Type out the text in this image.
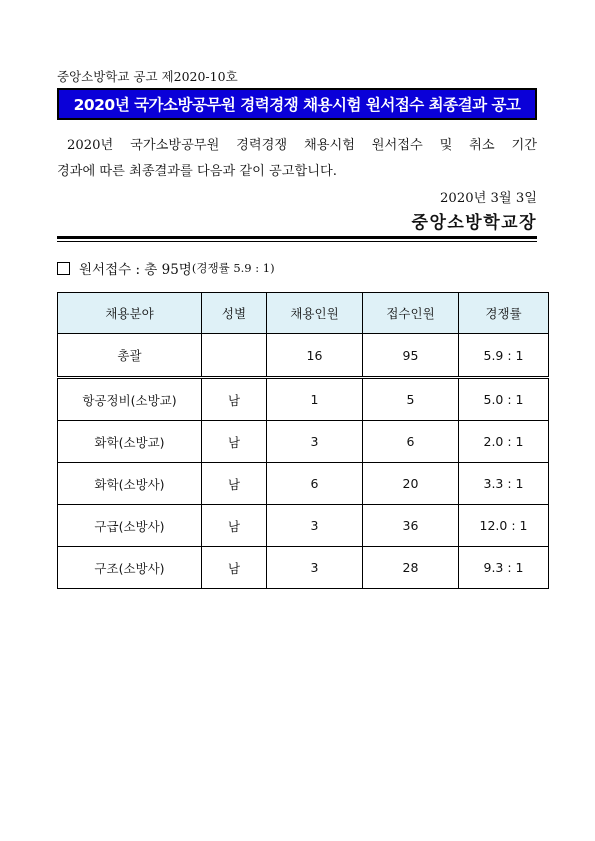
중앙소방학교 공고 제2020-10호
2020년 국가소방공무원 경력경쟁 채용시험 원서접수 최종결과 공고
2020년 국가소방공무원 경력경쟁 채용시험 원서접수 및 취소 기간
경과에 따른 최종결과를 다음과 같이 공고합니다.
2020년 3월 3일
중앙소방학교장
원서접수 : 총 95명 (경쟁률 5.9 : 1)
채용분야	성별	채용인원	접수인원	경쟁률
총괄		16	95	5.9 : 1
항공정비(소방교)	남	1	5	5.0 : 1
화학(소방교)	남	3	6	2.0 : 1
화학(소방사)	남	6	20	3.3 : 1
구급(소방사)	남	3	36	12.0 : 1
구조(소방사)	남	3	28	9.3 : 1
